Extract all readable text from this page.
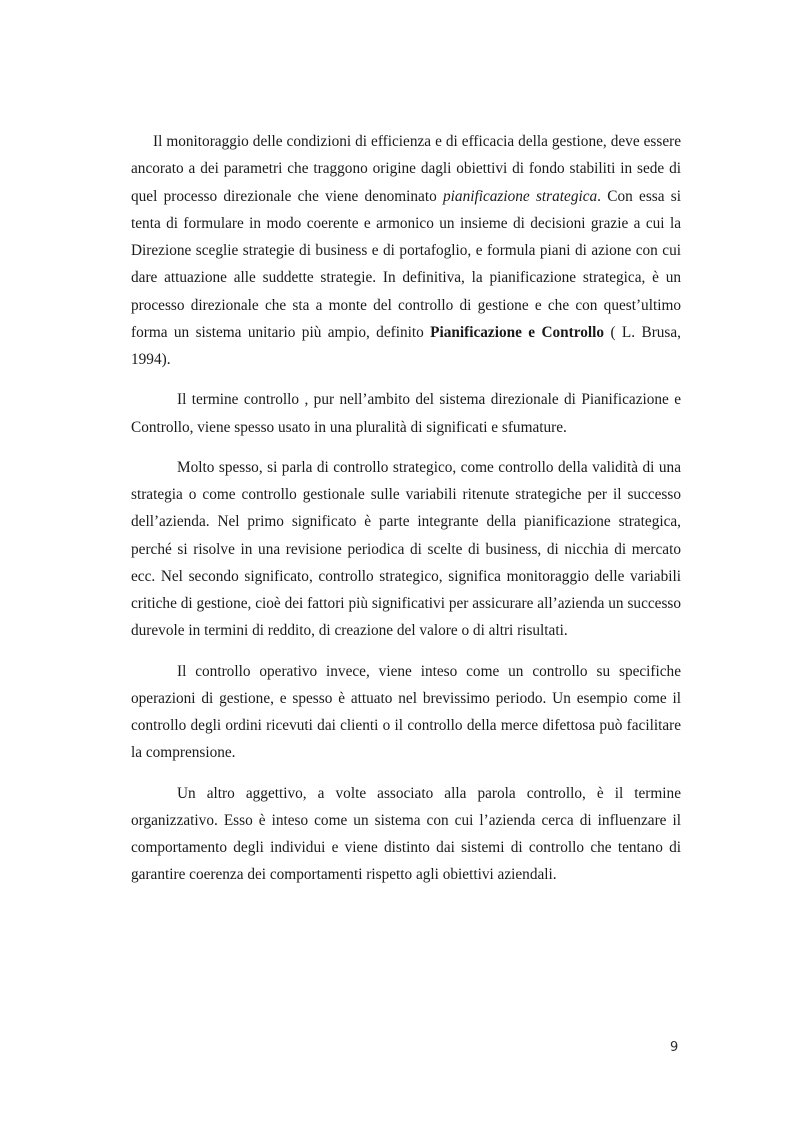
Il monitoraggio delle condizioni di efficienza e di efficacia della gestione, deve essere ancorato a dei parametri che traggono origine dagli obiettivi di fondo stabiliti in sede di quel processo direzionale che viene denominato pianificazione strategica. Con essa si tenta di formulare in modo coerente e armonico un insieme di decisioni grazie a cui la Direzione sceglie strategie di business e di portafoglio, e formula piani di azione con cui dare attuazione alle suddette strategie. In definitiva, la pianificazione strategica, è un processo direzionale che sta a monte del controllo di gestione e che con quest’ultimo forma un sistema unitario più ampio, definito Pianificazione e Controllo ( L. Brusa, 1994).

Il termine controllo , pur nell’ambito del sistema direzionale di Pianificazione e Controllo, viene spesso usato in una pluralità di significati e sfumature.

Molto spesso, si parla di controllo strategico, come controllo della validità di una strategia o come controllo gestionale sulle variabili ritenute strategiche per il successo dell’azienda. Nel primo significato è parte integrante della pianificazione strategica, perché si risolve in una revisione periodica di scelte di business, di nicchia di mercato ecc. Nel secondo significato, controllo strategico, significa monitoraggio delle variabili critiche di gestione, cioè dei fattori più significativi per assicurare all’azienda un successo durevole in termini di reddito, di creazione del valore o di altri risultati.

Il controllo operativo invece, viene inteso come un controllo su specifiche operazioni di gestione, e spesso è attuato nel brevissimo periodo. Un esempio come il controllo degli ordini ricevuti dai clienti o il controllo della merce difettosa può facilitare la comprensione.

Un altro aggettivo, a volte associato alla parola controllo, è il termine organizzativo. Esso è inteso come un sistema con cui l’azienda cerca di influenzare il comportamento degli individui e viene distinto dai sistemi di controllo che tentano di garantire coerenza dei comportamenti rispetto agli obiettivi aziendali.

9
